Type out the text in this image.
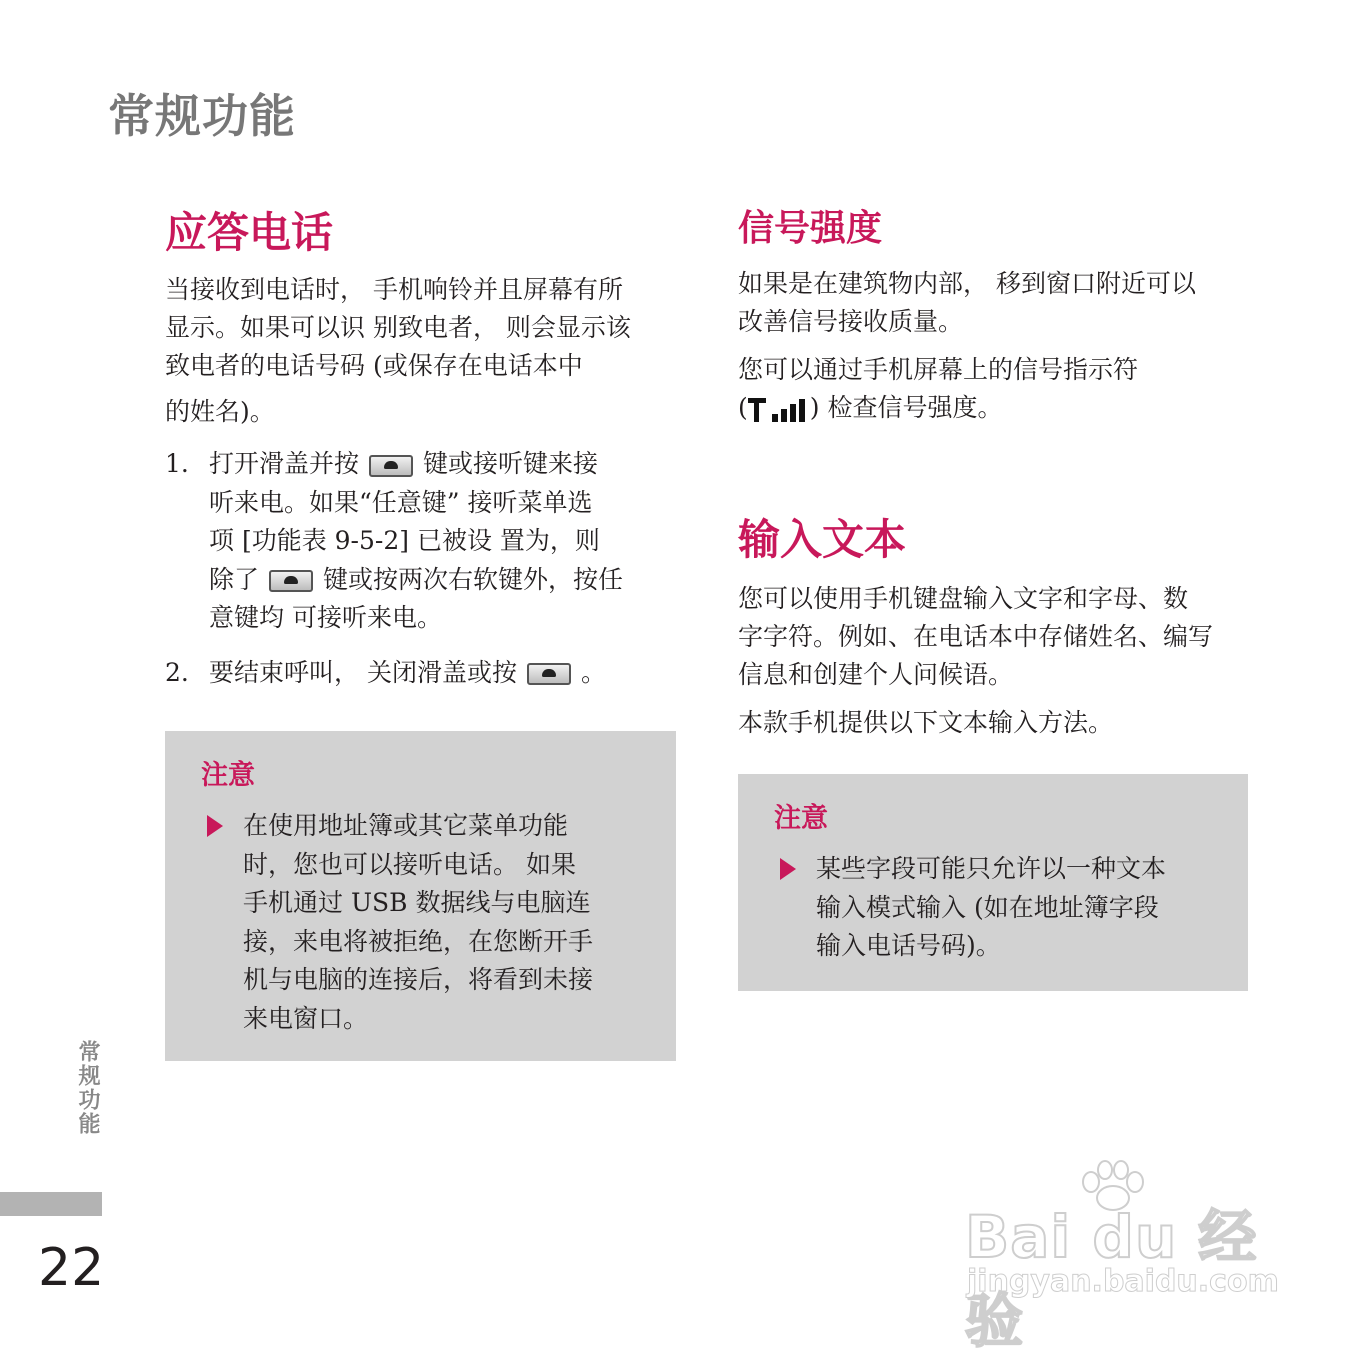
常规功能
应答电话

当接收到电话时， 手机响铃并且屏幕有所

显示。如果可以识 别致电者， 则会显示该

致电者的电话号码 (或保存在电话本中

的姓名)。

1. 打开滑盖并按	键或接听键来接
听来电。如果“任意键” 接听菜单选
项 [功能表 9-5-2] 已被设 置为，则
除了	键或按两次右软键外，按任
意键均 可接听来电。
2. 要结束呼叫， 关闭滑盖或按	。
注意
在使用地址簿或其它菜单功能
时，您也可以接听电话。 如果
手机通过 USB 数据线与电脑连
接，来电将被拒绝，在您断开手
机与电脑的连接后，将看到未接
来电窗口。
信号强度

如果是在建筑物内部， 移到窗口附近可以

改善信号接收质量。

您可以通过手机屏幕上的信号指示符

( ) 检查信号强度。

输入文本

您可以使用手机键盘输入文字和字母、数

字字符。例如、在电话本中存储姓名、编写

信息和创建个人问候语。

本款手机提供以下文本输入方法。

注意
某些字段可能只允许以一种文本
输入模式输入 (如在地址簿字段
输入电话号码)。
常规功能
22	Bai du 经验
jingyan.baidu.com
